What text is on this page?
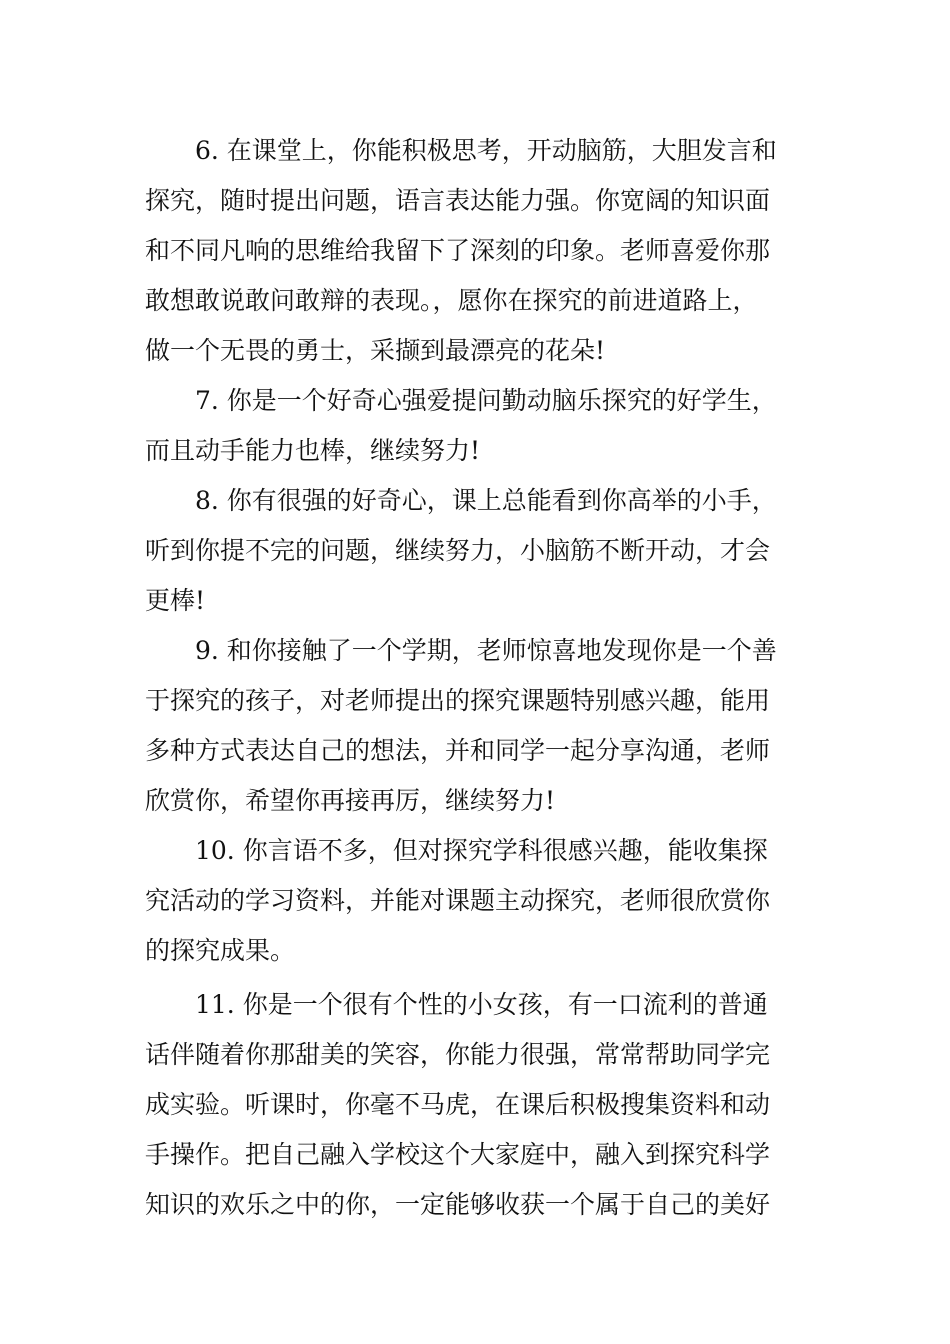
6. 在课堂上，你能积极思考，开动脑筋，大胆发言和
探究，随时提出问题，语言表达能力强。你宽阔的知识面
和不同凡响的思维给我留下了深刻的印象。老师喜爱你那
敢想敢说敢问敢辩的表现。，愿你在探究的前进道路上，
做一个无畏的勇士，采撷到最漂亮的花朵!

7. 你是一个好奇心强爱提问勤动脑乐探究的好学生，
而且动手能力也棒，继续努力!

8. 你有很强的好奇心，课上总能看到你高举的小手，
听到你提不完的问题，继续努力，小脑筋不断开动，才会
更棒!

9. 和你接触了一个学期，老师惊喜地发现你是一个善
于探究的孩子，对老师提出的探究课题特别感兴趣，能用
多种方式表达自己的想法，并和同学一起分享沟通，老师
欣赏你，希望你再接再厉，继续努力!

10. 你言语不多，但对探究学科很感兴趣，能收集探
究活动的学习资料，并能对课题主动探究，老师很欣赏你
的探究成果。

11. 你是一个很有个性的小女孩，有一口流利的普通
话伴随着你那甜美的笑容，你能力很强，常常帮助同学完
成实验。听课时，你毫不马虎，在课后积极搜集资料和动
手操作。把自己融入学校这个大家庭中，融入到探究科学
知识的欢乐之中的你，一定能够收获一个属于自己的美好
